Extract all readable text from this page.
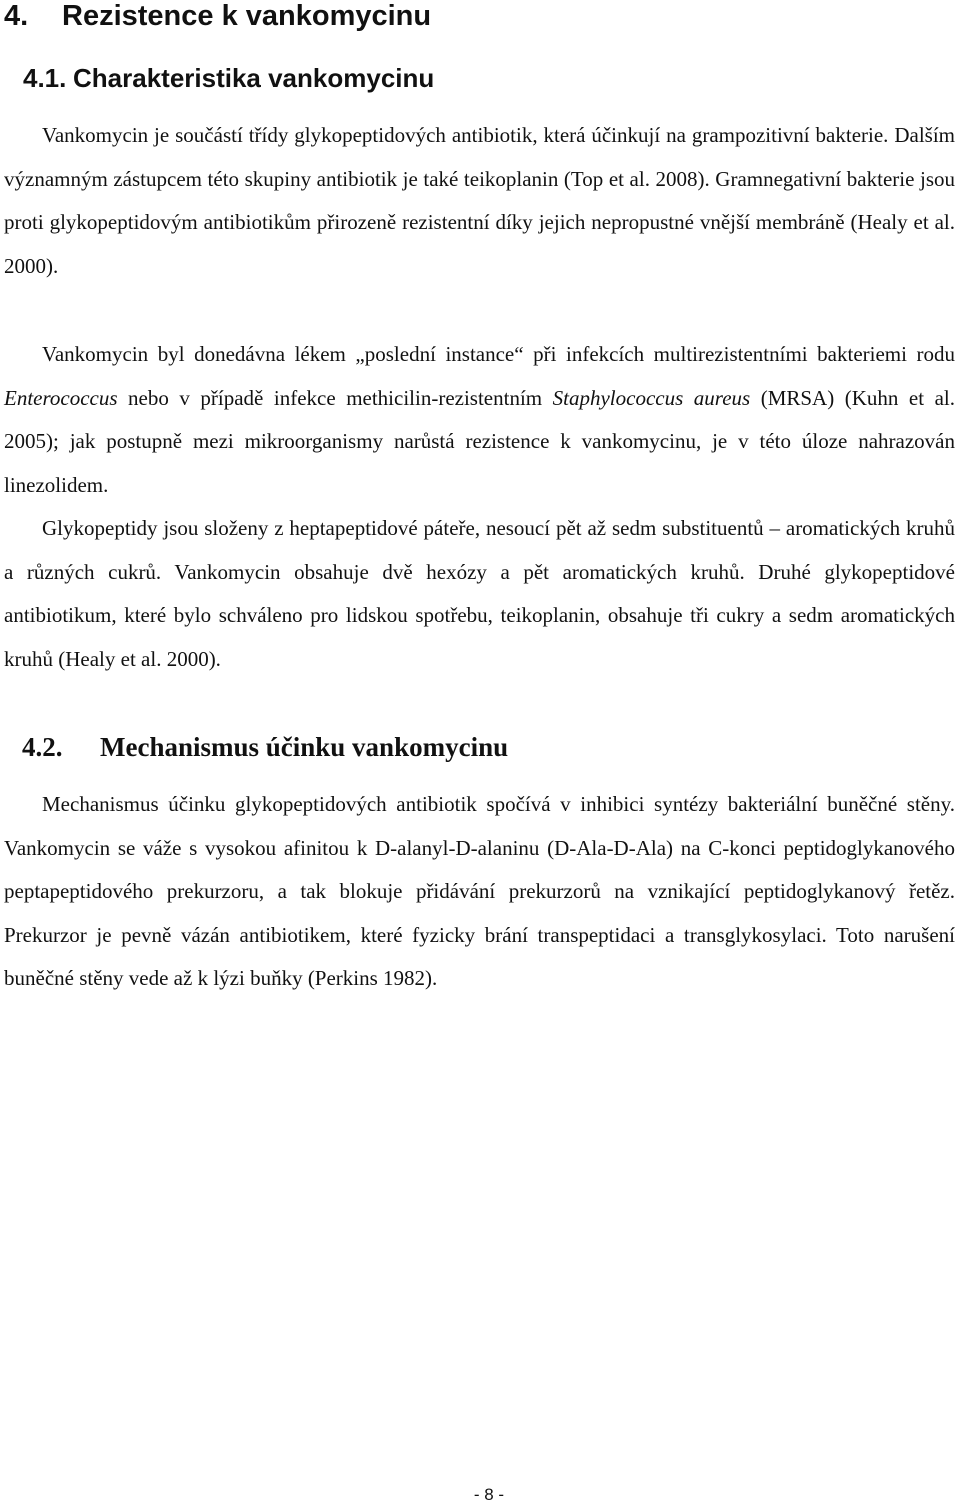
4. Rezistence k vankomycinu
4.1. Charakteristika vankomycinu

Vankomycin je součástí třídy glykopeptidových antibiotik, která účinkují na grampozitivní bakterie. Dalším významným zástupcem této skupiny antibiotik je také teikoplanin (Top et al. 2008). Gramnegativní bakterie jsou proti glykopeptidovým antibiotikům přirozeně rezistentní díky jejich nepropustné vnější membráně (Healy et al. 2000).

Vankomycin byl donedávna lékem „poslední instance“ při infekcích multirezistentními bakteriemi rodu Enterococcus nebo v případě infekce methicilin-rezistentním Staphylococcus aureus (MRSA) (Kuhn et al. 2005); jak postupně mezi mikroorganismy narůstá rezistence k vankomycinu, je v této úloze nahrazován linezolidem.

Glykopeptidy jsou složeny z heptapeptidové páteře, nesoucí pět až sedm substituentů – aromatických kruhů a různých cukrů. Vankomycin obsahuje dvě hexózy a pět aromatických kruhů. Druhé glykopeptidové antibiotikum, které bylo schváleno pro lidskou spotřebu, teikoplanin, obsahuje tři cukry a sedm aromatických kruhů (Healy et al. 2000).

4.2. Mechanismus účinku vankomycinu

Mechanismus účinku glykopeptidových antibiotik spočívá v inhibici syntézy bakteriální buněčné stěny. Vankomycin se váže s vysokou afinitou k D-alanyl-D-alaninu (D-Ala-D-Ala) na C-konci peptidoglykanového peptapeptidového prekurzoru, a tak blokuje přidávání prekurzorů na vznikající peptidoglykanový řetěz. Prekurzor je pevně vázán antibiotikem, které fyzicky brání transpeptidaci a transglykosylaci. Toto narušení buněčné stěny vede až k lýzi buňky (Perkins 1982).

- 8 -
